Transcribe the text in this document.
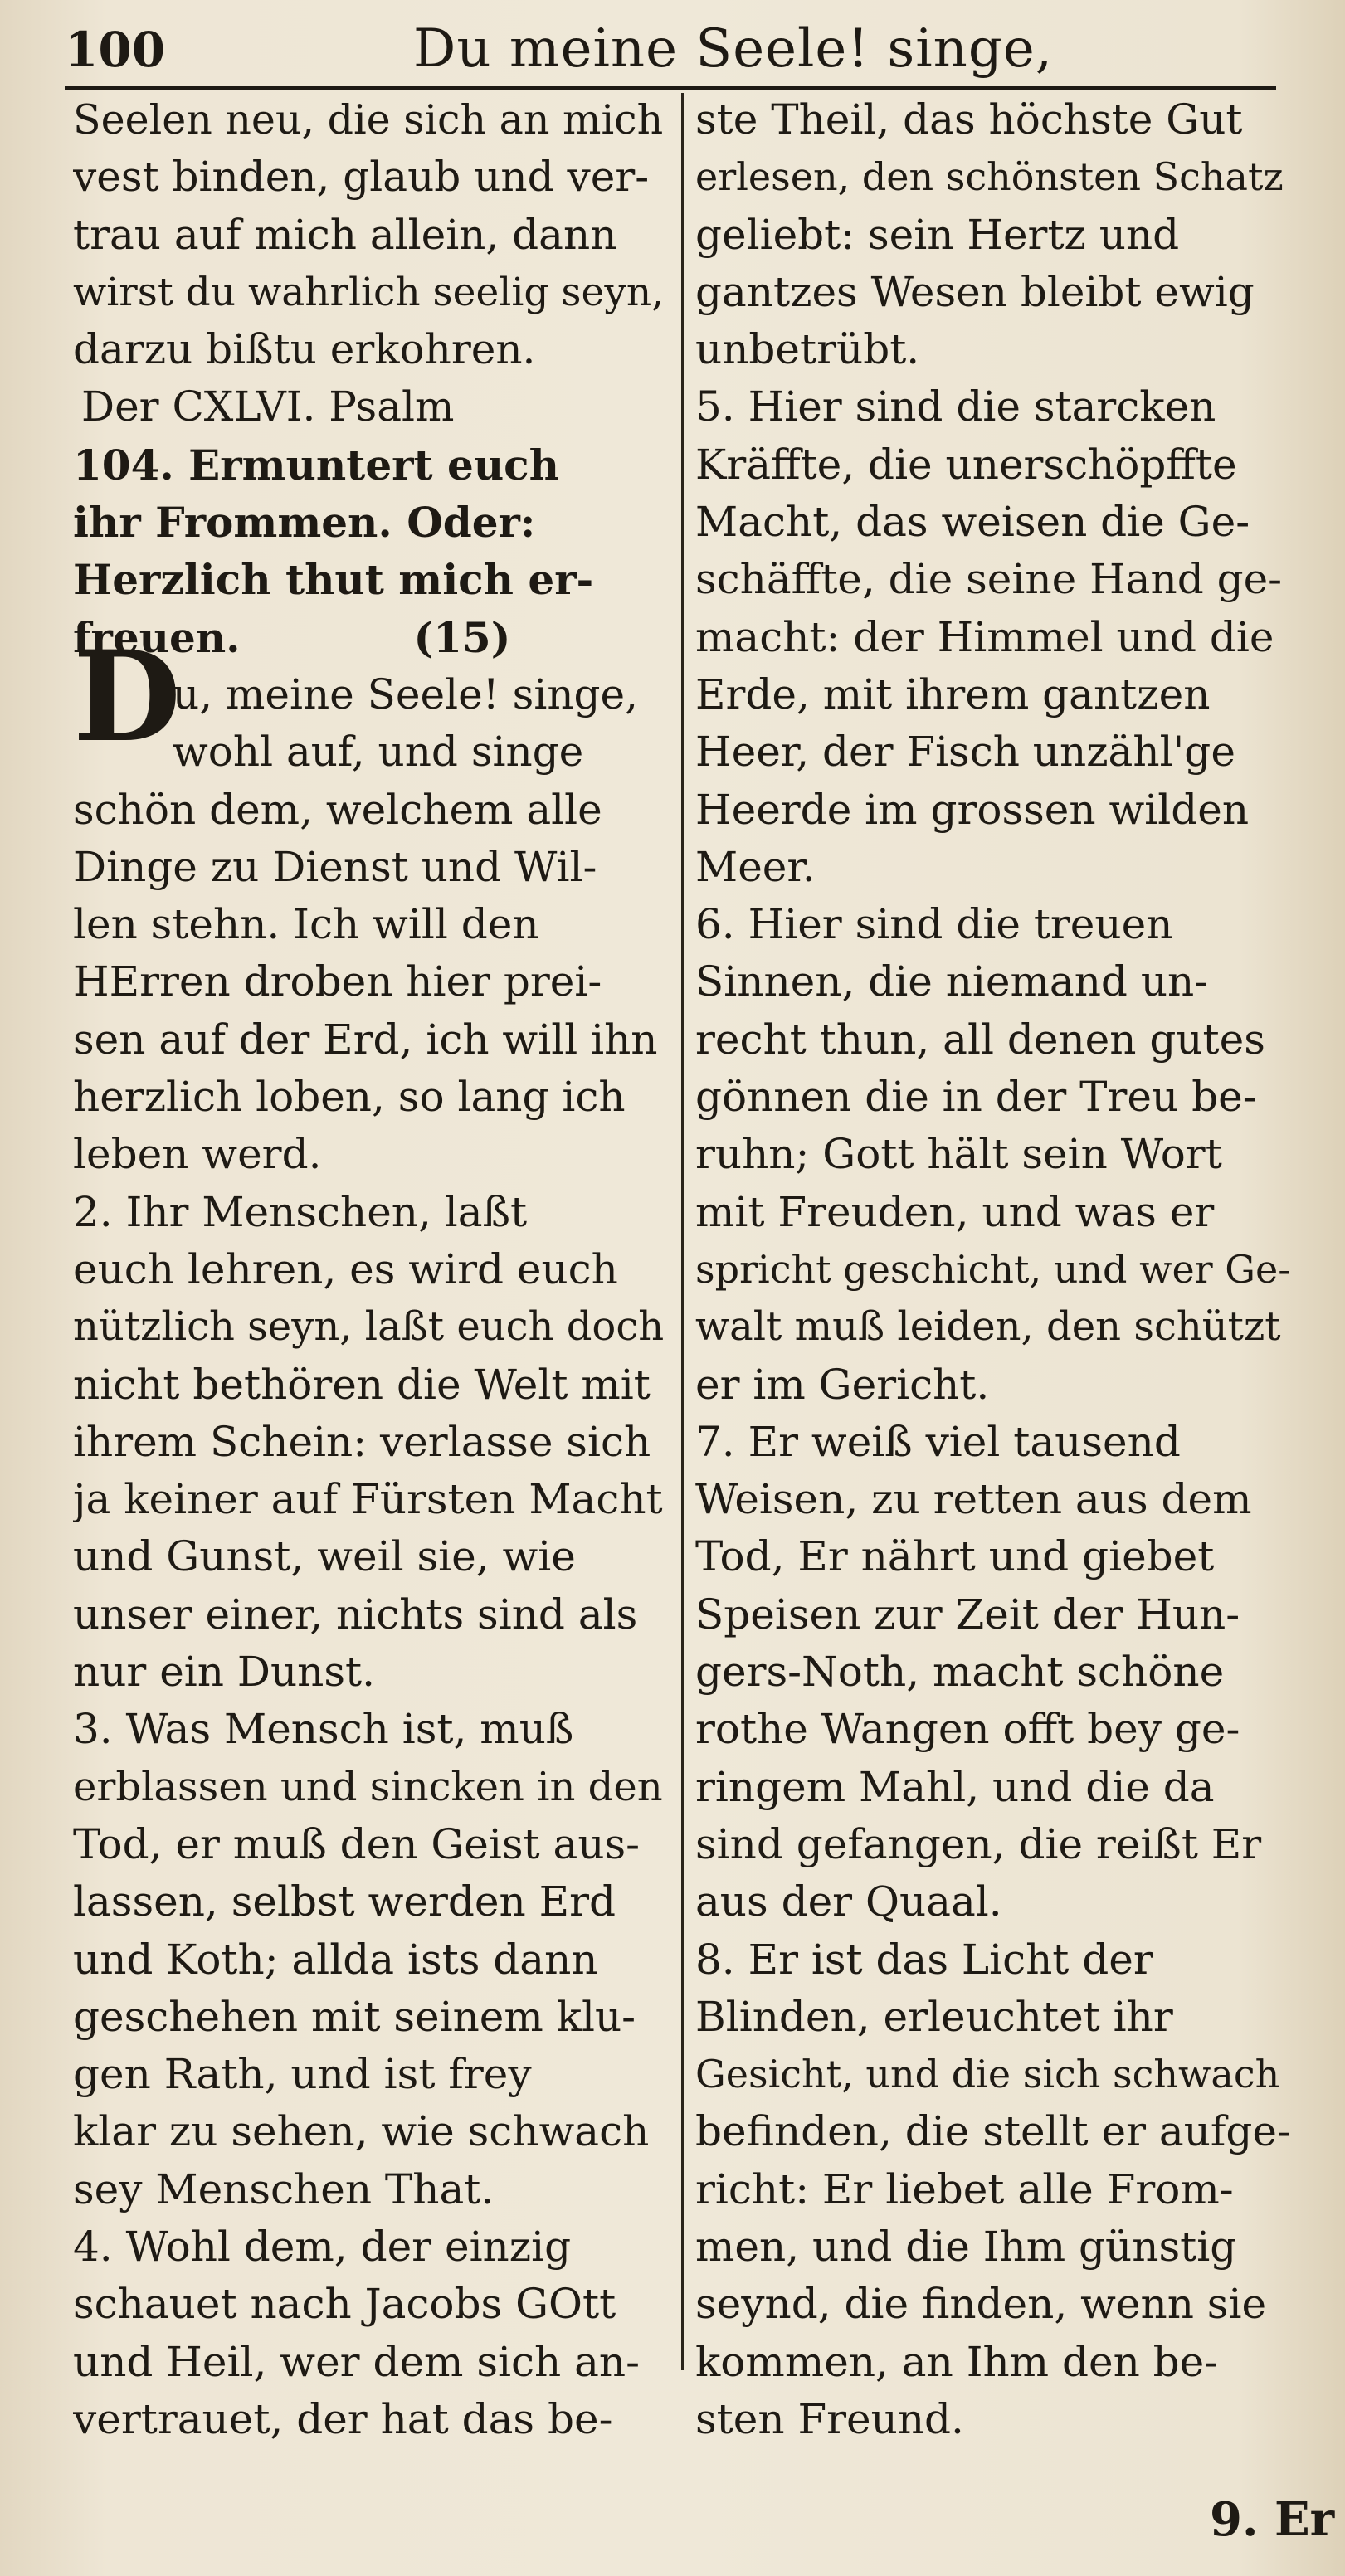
100	Du meine Seele! singe,
D
Seelen neu, die sich an mich
vest binden, glaub und ver-
trau auf mich allein, dann
wirst du wahrlich seelig seyn,
darzu bißtu erkohren.
Der CXLVI. Psalm
104. Ermuntert euch
ihr Frommen. Oder:
Herzlich thut mich er-
freuen.            (15)
u, meine Seele! singe,
wohl auf, und singe
schön dem, welchem alle
Dinge zu Dienst und Wil-
len stehn. Ich will den
HErren droben hier prei-
sen auf der Erd, ich will ihn
herzlich loben, so lang ich
leben werd.
2. Ihr Menschen, laßt
euch lehren, es wird euch
nützlich seyn, laßt euch doch
nicht bethören die Welt mit
ihrem Schein: verlasse sich
ja keiner auf Fürsten Macht
und Gunst, weil sie, wie
unser einer, nichts sind als
nur ein Dunst.
3. Was Mensch ist, muß
erblassen und sincken in den
Tod, er muß den Geist aus-
lassen, selbst werden Erd
und Koth; allda ists dann
geschehen mit seinem klu-
gen Rath, und ist frey
klar zu sehen, wie schwach
sey Menschen That.
4. Wohl dem, der einzig
schauet nach Jacobs GOtt
und Heil, wer dem sich an-
vertrauet, der hat das be-
ste Theil, das höchste Gut
erlesen, den schönsten Schatz
geliebt: sein Hertz und
gantzes Wesen bleibt ewig
unbetrübt.
5. Hier sind die starcken
Kräffte, die unerschöpffte
Macht, das weisen die Ge-
schäffte, die seine Hand ge-
macht: der Himmel und die
Erde, mit ihrem gantzen
Heer, der Fisch unzähl'ge
Heerde im grossen wilden
Meer.
6. Hier sind die treuen
Sinnen, die niemand un-
recht thun, all denen gutes
gönnen die in der Treu be-
ruhn; Gott hält sein Wort
mit Freuden, und was er
spricht geschicht, und wer Ge-
walt muß leiden, den schützt
er im Gericht.
7. Er weiß viel tausend
Weisen, zu retten aus dem
Tod, Er nährt und giebet
Speisen zur Zeit der Hun-
gers-Noth, macht schöne
rothe Wangen offt bey ge-
ringem Mahl, und die da
sind gefangen, die reißt Er
aus der Quaal.
8. Er ist das Licht der
Blinden, erleuchtet ihr
Gesicht, und die sich schwach
befinden, die stellt er aufge-
richt: Er liebet alle From-
men, und die Ihm günstig
seynd, die finden, wenn sie
kommen, an Ihm den be-
sten Freund.
9. Er
